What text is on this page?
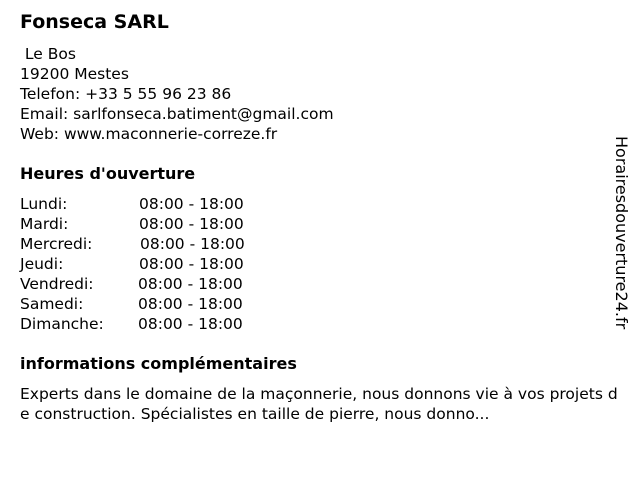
Fonseca SARL
Le Bos
19200 Mestes
Telefon: +33 5 55 96 23 86
Email: sarlfonseca.batiment@gmail.com
Web: www.maconnerie-correze.fr
Heures d'ouverture
Lundi:	08:00 - 18:00
Mardi:	08:00 - 18:00
Mercredi:	08:00 - 18:00
Jeudi:	08:00 - 18:00
Vendredi:	08:00 - 18:00
Samedi:	08:00 - 18:00
Dimanche: 08:00 - 18:00
informations complémentaires
Experts dans le domaine de la maçonnerie, nous donnons vie à vos projets de construction. Spécialistes en taille de pierre, nous donno...
Horairesdouverture24.fr
